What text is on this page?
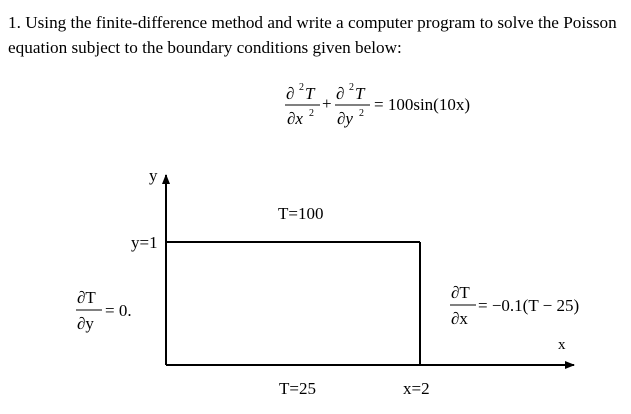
1. Using the finite-difference method and write a computer program to solve the Poisson
equation subject to the boundary conditions given below:
∂ 2 T
∂x 2
+
∂ 2 T
∂y 2 = 100sin(10x)
y
x
y=1
x=2
T=100
T=25
∂T
∂y
= 0.
∂T
∂x
= −0.1(T − 25)
